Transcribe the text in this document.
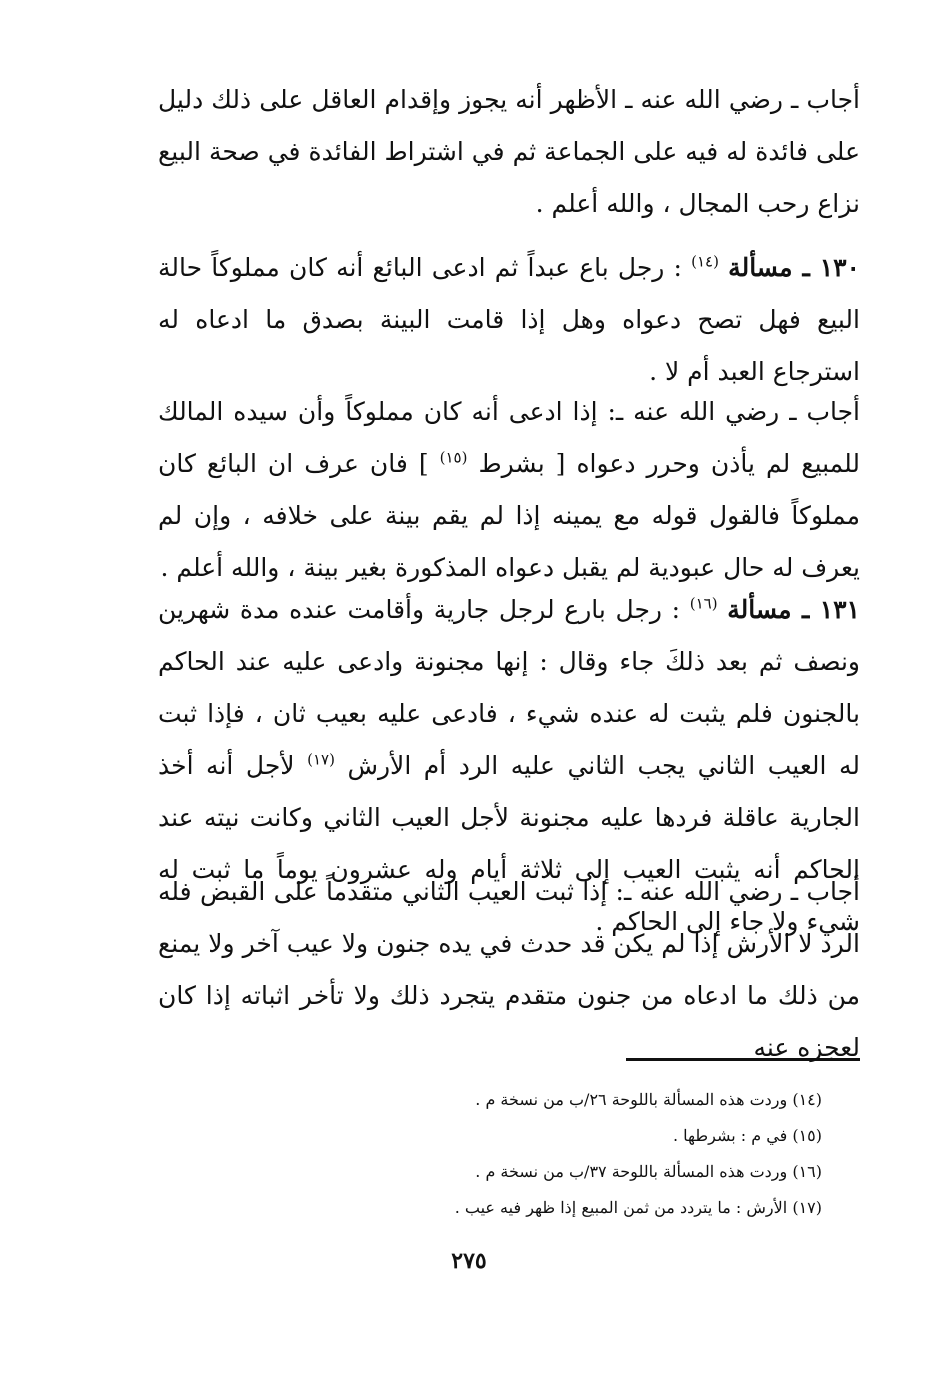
أجاب ـ رضي الله عنه ـ الأظهر أنه يجوز وإقدام العاقل على ذلك دليل على فائدة له فيه على الجماعة ثم في اشتراط الفائدة في صحة البيع نزاع رحب المجال ، والله أعلم .

١٣٠ ـ مسألة $^{(١٤)}$ : رجل باع عبداً ثم ادعى البائع أنه كان مملوكاً حالة البيع فهل تصح دعواه وهل إذا قامت البينة بصدق ما ادعاه له استرجاع العبد أم لا .

أجاب ـ رضي الله عنه ـ: إذا ادعى أنه كان مملوكاً وأن سيده المالك للمبيع لم يأذن وحرر دعواه [ بشرط $^{(١٥)}$ ] فان عرف ان البائع كان مملوكاً فالقول قوله مع يمينه إذا لم يقم بينة على خلافه ، وإن لم يعرف له حال عبودية لم يقبل دعواه المذكورة بغير بينة ، والله أعلم .

١٣١ ـ مسألة $^{(١٦)}$ : رجل بارع لرجل جارية وأقامت عنده مدة شهرين ونصف ثم بعد ذلكَ جاء وقال : إنها مجنونة وادعى عليه عند الحاكم بالجنون فلم يثبت له عنده شيء ، فادعى عليه بعيب ثان ، فإذا ثبت له العيب الثاني يجب الثاني عليه الرد أم الأرش $^{(١٧)}$ لأجل أنه أخذ الجارية عاقلة فردها عليه مجنونة لأجل العيب الثاني وكانت نيته عند الحاكم أنه يثبت العيب إلى ثلاثة أيام وله عشرون يوماً ما ثبت له شيء ولا جاء إلى الحاكم .

أجاب ـ رضي الله عنه ـ: إذا ثبت العيب الثاني متقدماً على القبض فله الرد لا الأرش إذا لم يكن قد حدث في يده جنون ولا عيب آخر ولا يمنع من ذلك ما ادعاه من جنون متقدم يتجرد ذلك ولا تأخر اثباته إذا كان لعجزه عنه

(١٤) وردت هذه المسألة باللوحة ٢٦/ب من نسخة م .
(١٥) في م : بشرطها .
(١٦) وردت هذه المسألة باللوحة ٣٧/ب من نسخة م .
(١٧) الأرش : ما يتردد من ثمن المبيع إذا ظهر فيه عيب .
٢٧٥
